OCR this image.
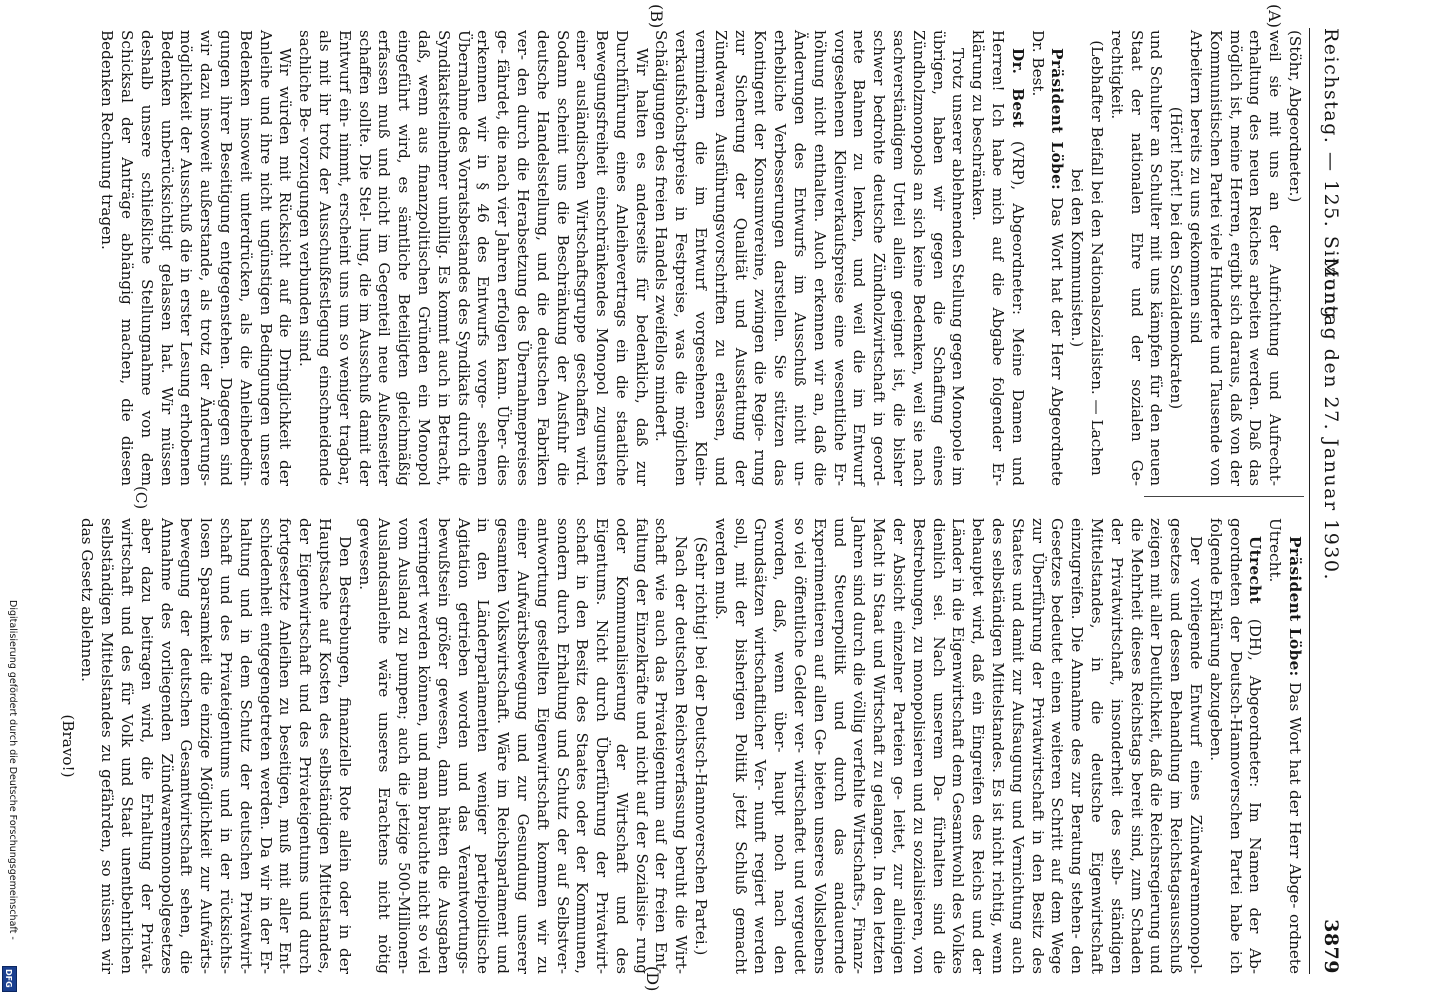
Reichstag. — 125. Sitzung.
Montag den 27. Januar 1930.
3879
(A)
(B)
(C)
(D)

(Stöhr, Abgeordneter.)

weil sie mit uns an der Aufrichtung und Aufrecht- erhaltung des neuen Reiches arbeiten werden. Daß das möglich ist, meine Herren, ergibt sich daraus, daß von der Kommunistischen Partei viele Hunderte und Tausende von Arbeitern bereits zu uns gekommen sind

(Hört! hört! bei den Sozialdemokraten)

und Schulter an Schulter mit uns kämpfen für den neuen Staat der nationalen Ehre und der sozialen Ge- rechtigkeit.

(Lebhafter Beifall bei den Nationalsozialisten. — Lachen bei den Kommunisten.)

Präsident Löbe: Das Wort hat der Herr Abgeordnete Dr. Best.

Dr. Best (VRP), Abgeordneter: Meine Damen und Herren! Ich habe mich auf die Abgabe folgender Er- klärung zu beschränken.

Trotz unserer ablehnenden Stellung gegen Monopole im übrigen, haben wir gegen die Schaffung eines Zündholzmonopols an sich keine Bedenken, weil sie nach sachverständigem Urteil allein geeignet ist, die bisher schwer bedrohte deutsche Zündholzwirtschaft in geord- nete Bahnen zu lenken, und weil die im Entwurf vorgesehenen Kleinverkaufspreise eine wesentliche Er- höhung nicht enthalten. Auch erkennen wir an, daß die Änderungen des Entwurfs im Ausschuß nicht un- erhebliche Verbesserungen darstellen. Sie stützen das Kontingent der Konsumvereine, zwingen die Regie- rung zur Sicherung der Qualität und Ausstattung der Zündwaren Ausführungsvorschriften zu erlassen, und vermindern die im Entwurf vorgesehenen Klein- verkaufshöchstpreise in Festpreise, was die möglichen Schädigungen des freien Handels zweifellos mindert.

Wir halten es anderseits für bedenklich, daß zur Durchführung eines Anleihevertrags ein die staatliche Bewegungsfreiheit einschränkendes Monopol zugunsten einer ausländischen Wirtschaftsgruppe geschaffen wird. Sodann scheint uns die Beschränkung der Ausfuhr die deutsche Handelsstellung, und die deutschen Fabriken ver- den durch die Herabsetzung des Übernahmepreises ge- fährdet, die nach vier Jahren erfolgen kann. Über- dies erkennen wir in § 46 des Entwurfs vorge- sehenen Übernahme des Vorratsbestandes des Syndikats durch die Syndikatsteilnehmer unbillig. Es kommt auch in Betracht, daß, wenn aus finanzpolitischen Gründen ein Monopol eingeführt wird, es sämtliche Beteiligten gleichmäßig erfassen muß und nicht im Gegenteil neue Außenseiter schaffen sollte. Die Stel- lung, die im Ausschuß damit der Entwurf ein- nimmt, erscheint uns um so weniger tragbar, als mit ihr trotz der Ausschußfestlegung einschneidende sachliche Be- vorzugungen verbunden sind.

Wir würden mit Rücksicht auf die Dringlichkeit der Anleihe und ihre nicht ungünstigen Bedingungen unsere Bedenken insoweit unterdrücken, als die Anleihebedin- gungen ihrer Beseitigung entgegenstehen. Dagegen sind wir dazu insoweit außerstande, als trotz der Änderungs- möglichkeit der Ausschuß die in erster Lesung erhobenen Bedenken unberücksichtigt gelassen hat. Wir müssen deshalb unsere schließliche Stellungnahme von dem Schicksal der Anträge abhängig machen, die diesen Bedenken Rechnung tragen.

Präsident Löbe: Das Wort hat der Herr Abge- ordnete Utrecht.

Utrecht (DH), Abgeordneter: Im Namen der Ab- geordneten der Deutsch-Hannoverschen Partei habe ich folgende Erklärung abzugeben.

Der vorliegende Entwurf eines Zündwarenmonopol- gesetzes und dessen Behandlung im Reichstagsausschuß zeigen mit aller Deutlichkeit, daß die Reichsregierung und die Mehrheit dieses Reichstags bereit sind, zum Schaden der Privatwirtschaft, insonderheit des selb- ständigen Mittelstandes, in die deutsche Eigenwirtschaft einzugreifen. Die Annahme des zur Beratung stehen- den Gesetzes bedeutet einen weiteren Schritt auf dem Wege zur Überführung der Privatwirtschaft in den Besitz des Staates und damit zur Aufsaugung und Vernichtung auch des selbständigen Mittelstandes. Es ist nicht richtig, wenn behauptet wird, daß ein Eingreifen des Reichs und der Länder in die Eigenwirtschaft dem Gesamtwohl des Volkes dienlich sei. Nach unserem Da- fürhalten sind die Bestrebungen, zu monopolisieren und zu sozialisieren, von der Absicht einzelner Parteien ge- leitet, zur alleinigen Macht in Staat und Wirtschaft zu gelangen. In den letzten Jahren sind durch die völlig verfehlte Wirtschafts-, Finanz- und Steuerpolitik und durch das andauernde Experimentieren auf allen Ge- bieten unseres Volkslebens so viel öffentliche Gelder ver- wirtschaftet und vergeudet worden, daß, wenn über- haupt noch nach den Grundsätzen wirtschaftlicher Ver- nunft regiert werden soll, mit der bisherigen Politik jetzt Schluß gemacht werden muß.

(Sehr richtig! bei der Deutsch-Hannoverschen Partei.)

Nach der deutschen Reichsverfassung beruht die Wirt- schaft wie auch das Privateigentum auf der freien Ent- faltung der Einzelkräfte und nicht auf der Sozialisie- rung oder Kommunalisierung der Wirtschaft und des Eigentums. Nicht durch Überführung der Privatwirt- schaft in den Besitz des Staates oder der Kommunen, sondern durch Erhaltung und Schutz der auf Selbstver- antwortung gestellten Eigenwirtschaft kommen wir zu einer Aufwärtsbewegung und zur Gesundung unserer gesamten Volkswirtschaft. Wäre im Reichsparlament und in den Länderparlamenten weniger parteipolitische Agitation getrieben worden und das Verantwortungs- bewußtsein größer gewesen, dann hätten die Ausgaben verringert werden können, und man brauchte nicht so viel vom Ausland zu pumpen; auch die jetzige 500-Millionen-Auslandsanleihe wäre unseres Erachtens nicht nötig gewesen.

Den Bestrebungen, finanzielle Rote allein oder in der Hauptsache auf Kosten des selbständigen Mittelstandes, der Eigenwirtschaft und des Privateigentums und durch fortgesetzte Anleihen zu beseitigen, muß mit aller Ent- schiedenheit entgegengetreten werden. Da wir in der Er- haltung und in dem Schutz der deutschen Privatwirt- schaft und des Privateigentums und in der rücksichts- losen Sparsamkeit die einzige Möglichkeit zur Aufwärts- bewegung der deutschen Gesamtwirtschaft sehen, die Annahme des vorliegenden Zündwarenmonopolgesetzes aber dazu beitragen wird, die Erhaltung der Privat- wirtschaft und des für Volk und Staat unentbehrlichen selbständigen Mittelstandes zu gefährden, so müssen wir das Gesetz ablehnen.

(Bravo!)

Digitalisierung gefördert durch die Deutsche Forschungsgemeinschaft -
DFG
